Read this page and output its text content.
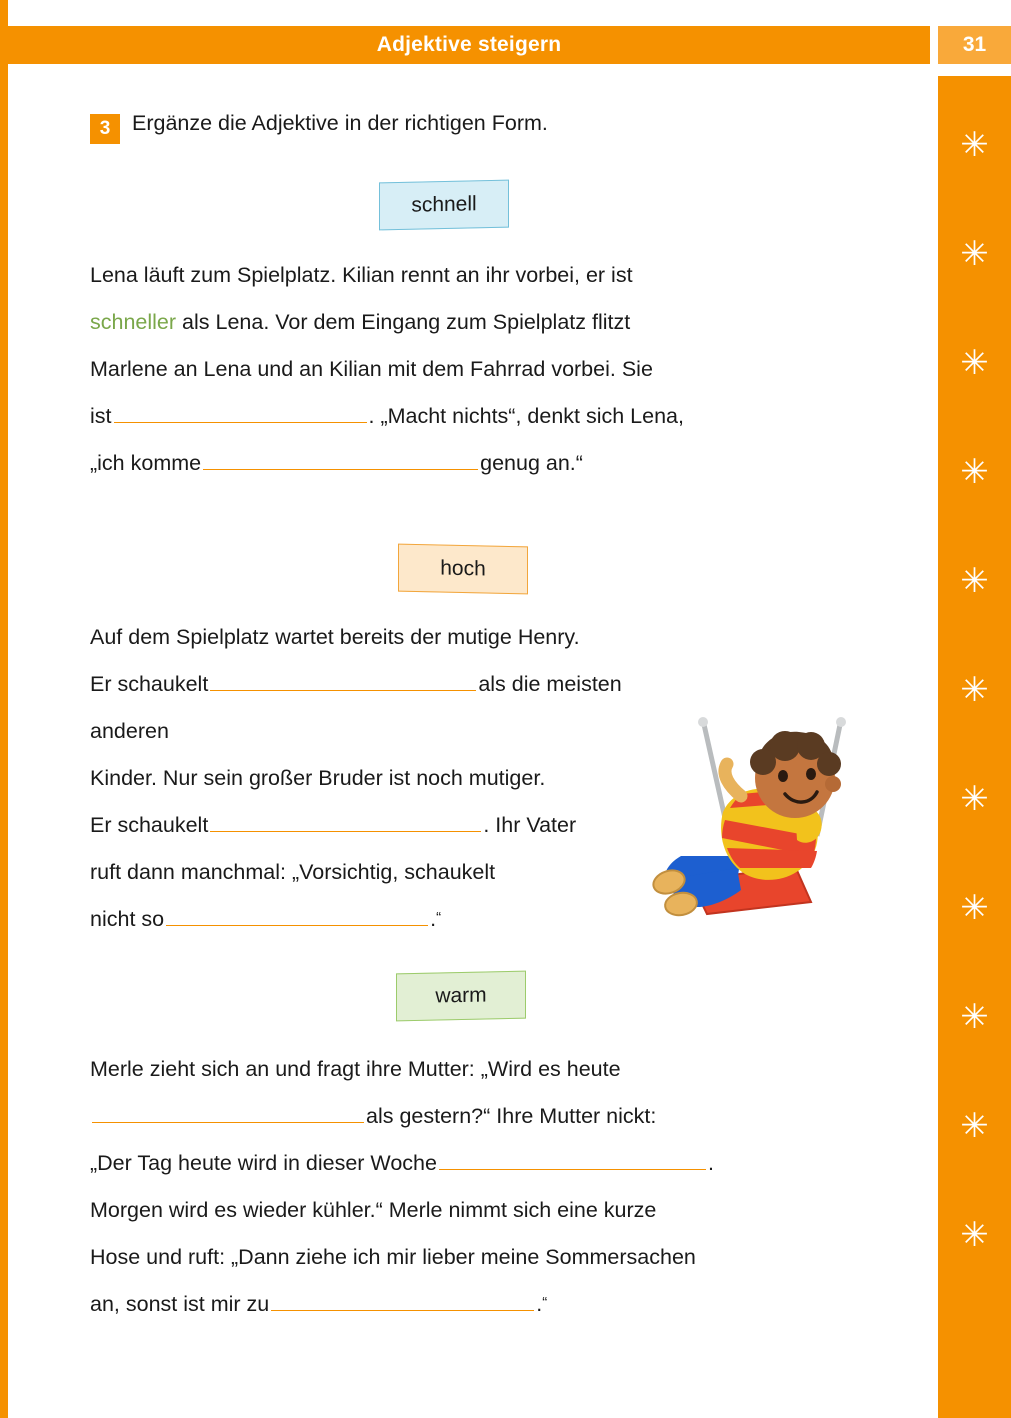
Adjektive steigern	31
✳
✳
✳
✳
✳
✳
✳
✳
✳
✳
✳
3	Ergänze die Adjektive in der richtigen Form.
schnell
Lena läuft zum Spielplatz. Kilian rennt an ihr vorbei, er ist
schneller als Lena. Vor dem Eingang zum Spielplatz flitzt
Marlene an Lena und an Kilian mit dem Fahrrad vorbei. Sie
ist	. „Macht nichts“, denkt sich Lena,
„ich komme	genug an.“
hoch
Auf dem Spielplatz wartet bereits der mutige Henry.
Er schaukelt	als die meisten anderen
Kinder. Nur sein großer Bruder ist noch mutiger.
Er schaukelt	. Ihr Vater
ruft dann manchmal: „Vorsichtig, schaukelt
nicht so	.“
warm
Merle zieht sich an und fragt ihre Mutter: „Wird es heute
als gestern?“ Ihre Mutter nickt:
„Der Tag heute wird in dieser Woche	.
Morgen wird es wieder kühler.“ Merle nimmt sich eine kurze
Hose und ruft: „Dann ziehe ich mir lieber meine Sommersachen
an, sonst ist mir zu	.“
